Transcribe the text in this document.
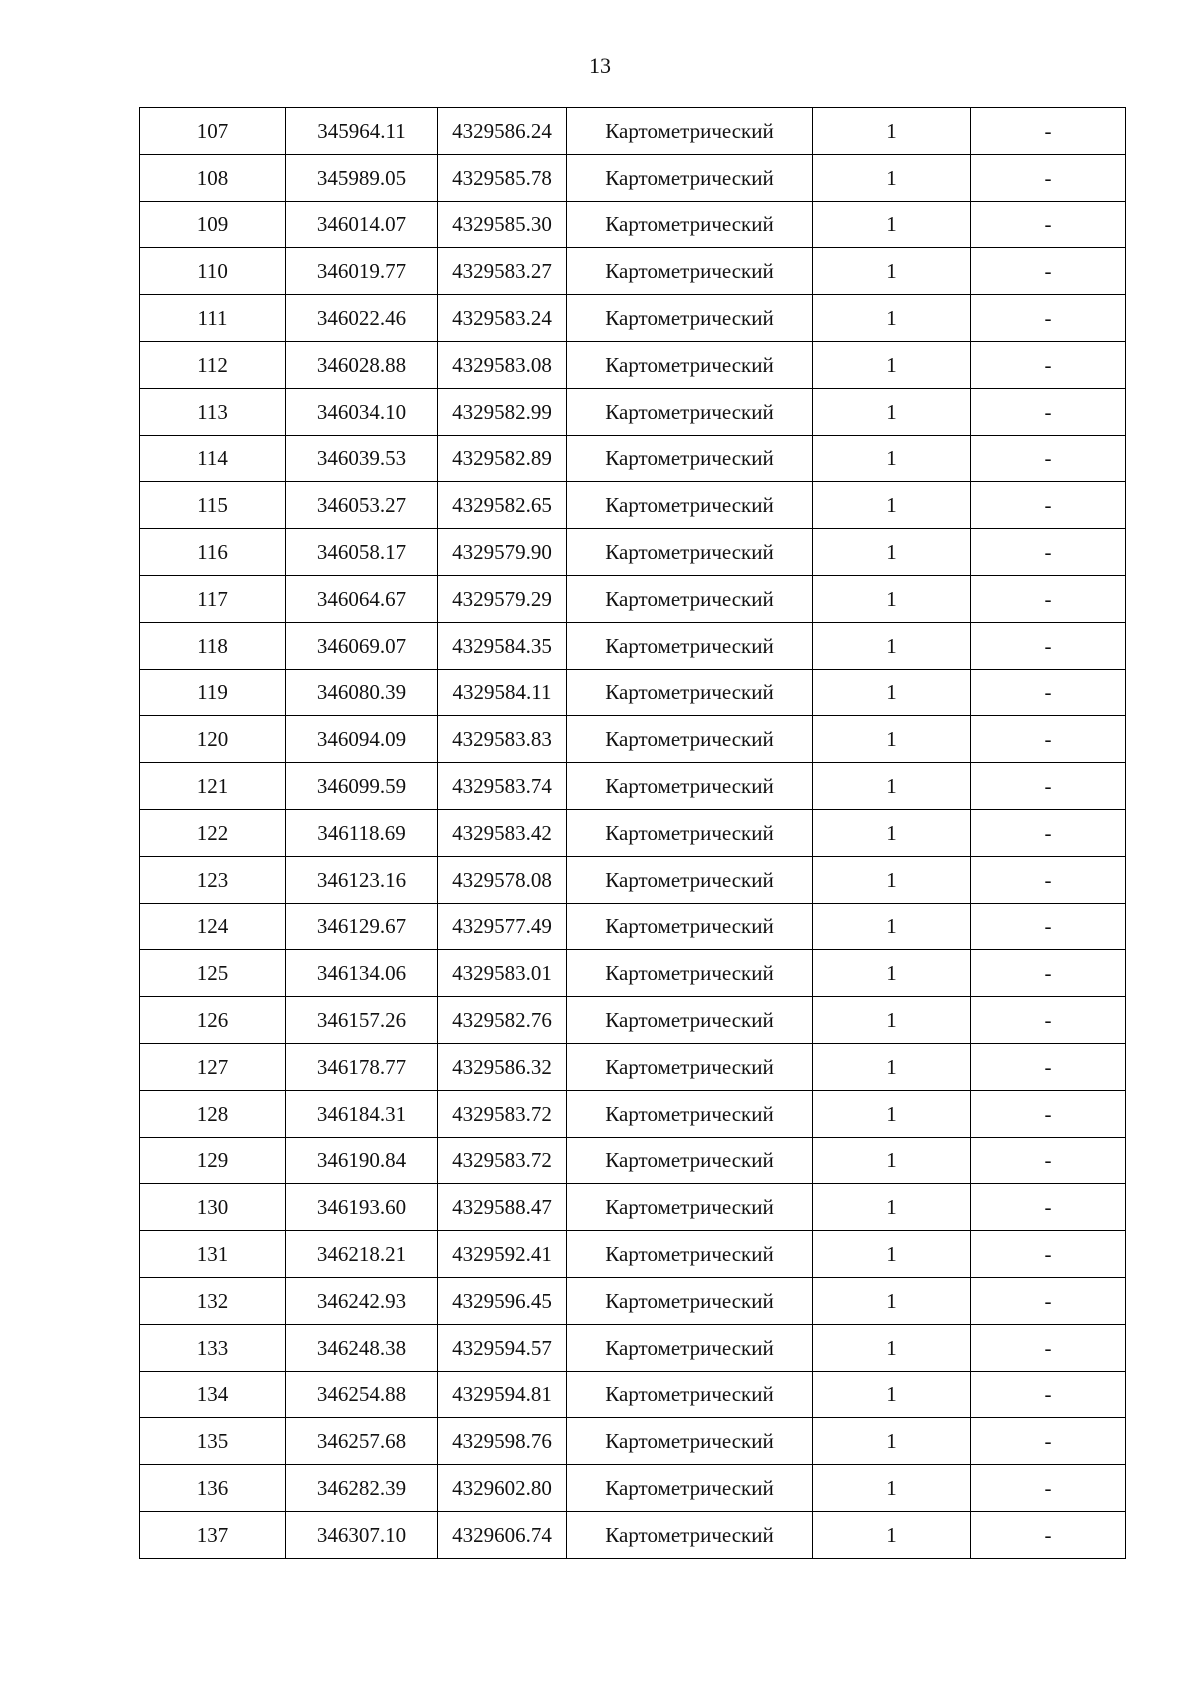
13
107	345964.11	4329586.24	Картометрический	1	-
108	345989.05	4329585.78	Картометрический	1	-
109	346014.07	4329585.30	Картометрический	1	-
110	346019.77	4329583.27	Картометрический	1	-
111	346022.46	4329583.24	Картометрический	1	-
112	346028.88	4329583.08	Картометрический	1	-
113	346034.10	4329582.99	Картометрический	1	-
114	346039.53	4329582.89	Картометрический	1	-
115	346053.27	4329582.65	Картометрический	1	-
116	346058.17	4329579.90	Картометрический	1	-
117	346064.67	4329579.29	Картометрический	1	-
118	346069.07	4329584.35	Картометрический	1	-
119	346080.39	4329584.11	Картометрический	1	-
120	346094.09	4329583.83	Картометрический	1	-
121	346099.59	4329583.74	Картометрический	1	-
122	346118.69	4329583.42	Картометрический	1	-
123	346123.16	4329578.08	Картометрический	1	-
124	346129.67	4329577.49	Картометрический	1	-
125	346134.06	4329583.01	Картометрический	1	-
126	346157.26	4329582.76	Картометрический	1	-
127	346178.77	4329586.32	Картометрический	1	-
128	346184.31	4329583.72	Картометрический	1	-
129	346190.84	4329583.72	Картометрический	1	-
130	346193.60	4329588.47	Картометрический	1	-
131	346218.21	4329592.41	Картометрический	1	-
132	346242.93	4329596.45	Картометрический	1	-
133	346248.38	4329594.57	Картометрический	1	-
134	346254.88	4329594.81	Картометрический	1	-
135	346257.68	4329598.76	Картометрический	1	-
136	346282.39	4329602.80	Картометрический	1	-
137	346307.10	4329606.74	Картометрический	1	-
